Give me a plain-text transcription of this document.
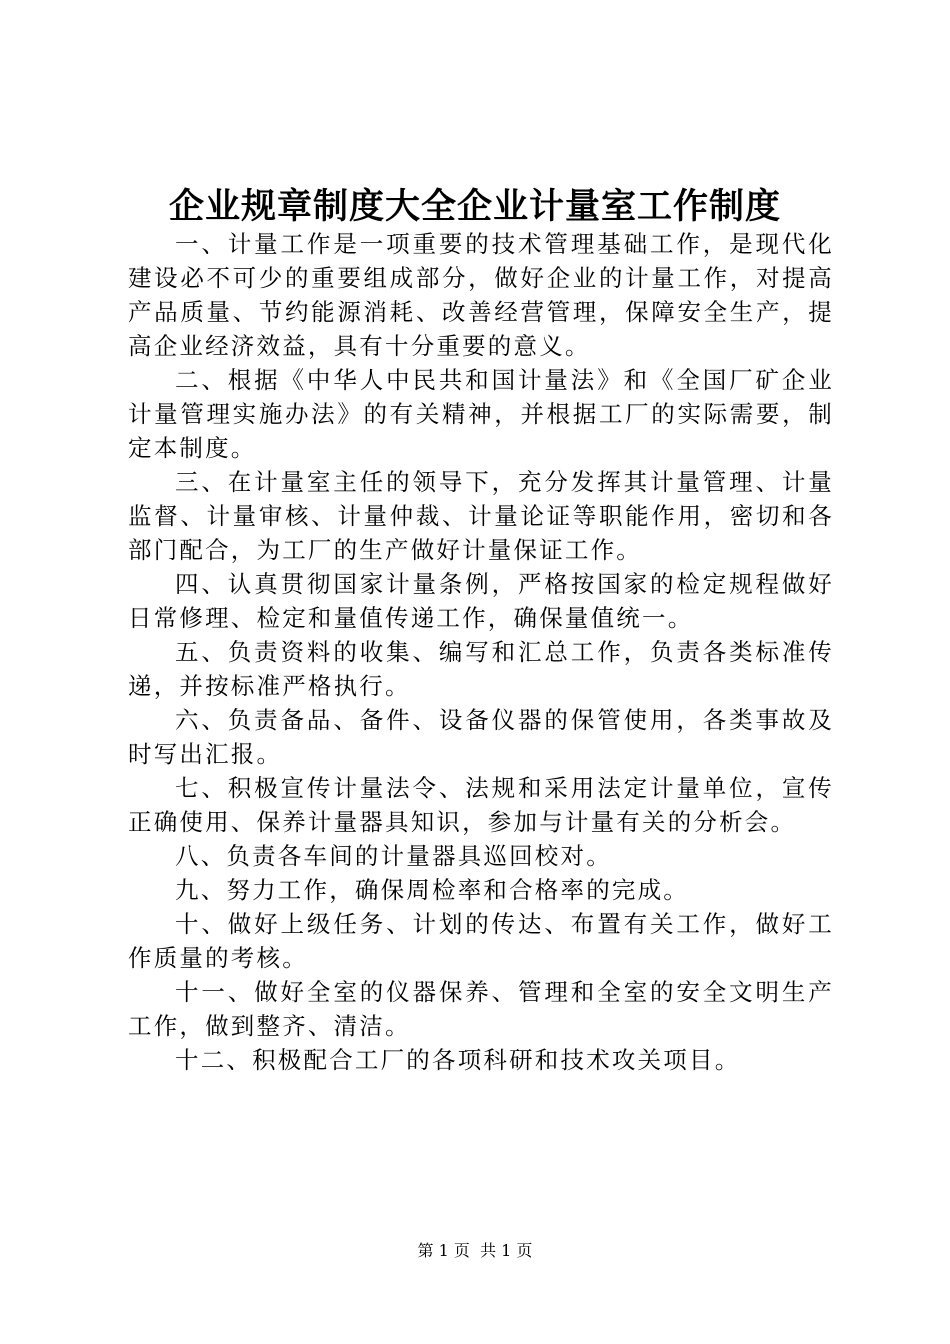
企业规章制度大全企业计量室工作制度

一、计量工作是一项重要的技术管理基础工作，是现代化建设必不可少的重要组成部分，做好企业的计量工作，对提高产品质量、节约能源消耗、改善经营管理，保障安全生产，提高企业经济效益，具有十分重要的意义。

二、根据《中华人中民共和国计量法》和《全国厂矿企业计量管理实施办法》的有关精神，并根据工厂的实际需要，制定本制度。

三、在计量室主任的领导下，充分发挥其计量管理、计量监督、计量审核、计量仲裁、计量论证等职能作用，密切和各部门配合，为工厂的生产做好计量保证工作。

四、认真贯彻国家计量条例，严格按国家的检定规程做好日常修理、检定和量值传递工作，确保量值统一。

五、负责资料的收集、编写和汇总工作，负责各类标准传递，并按标准严格执行。

六、负责备品、备件、设备仪器的保管使用，各类事故及时写出汇报。

七、积极宣传计量法令、法规和采用法定计量单位，宣传正确使用、保养计量器具知识，参加与计量有关的分析会。

八、负责各车间的计量器具巡回校对。

九、努力工作，确保周检率和合格率的完成。

十、做好上级任务、计划的传达、布置有关工作，做好工作质量的考核。

十一、做好全室的仪器保养、管理和全室的安全文明生产工作，做到整齐、清洁。

十二、积极配合工厂的各项科研和技术攻关项目。

第 1 页  共 1 页
